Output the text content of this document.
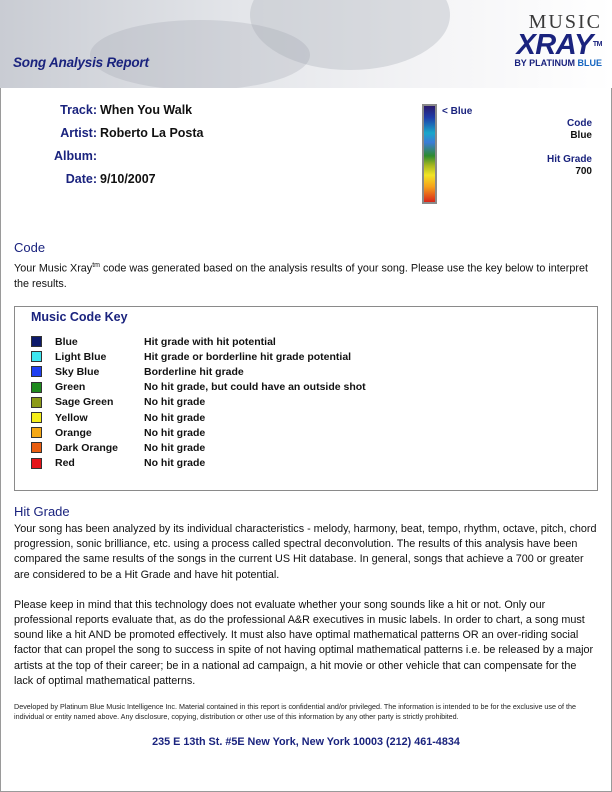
Song Analysis Report
MUSIC
XRAY™
BY PLATINUM BLUE
Track: When You Walk
Artist: Roberto La Posta
Album:
Date: 9/10/2007
< Blue
Code
Blue
Hit Grade
700
Code
Your Music Xray$^{tm}$ code was generated based on the analysis results of your song. Please use the key below to interpret the results.
Music Code Key
Blue	Hit grade with hit potential
Light Blue	Hit grade or borderline hit grade potential
Sky Blue	Borderline hit grade
Green	No hit grade, but could have an outside shot
Sage Green	No hit grade
Yellow	No hit grade
Orange	No hit grade
Dark Orange	No hit grade
Red	No hit grade
Hit Grade
Your song has been analyzed by its individual characteristics - melody, harmony, beat, tempo, rhythm, octave, pitch, chord progression, sonic brilliance, etc. using a process called spectral deconvolution. The results of this analysis have been compared the same results of the songs in the current US Hit database. In general, songs that achieve a 700 or greater are considered to be a Hit Grade and have hit potential.
Please keep in mind that this technology does not evaluate whether your song sounds like a hit or not. Only our professional reports evaluate that, as do the professional A&R executives in music labels. In order to chart, a song must sound like a hit AND be promoted effectively. It must also have optimal mathematical patterns OR an over-riding social factor that can propel the song to success in spite of not having optimal mathematical patterns i.e. be released by a major artists at the top of their career; be in a national ad campaign, a hit movie or other vehicle that can compensate for the lack of optimal mathematical patterns.
Developed by Platinum Blue Music Intelligence Inc. Material contained in this report is confidential and/or privileged. The information is intended to be for the exclusive use of the individual or entity named above. Any disclosure, copying, distribution or other use of this information by any other party is strictly prohibited.
235 E 13th St. #5E New York, New York 10003 (212) 461-4834
